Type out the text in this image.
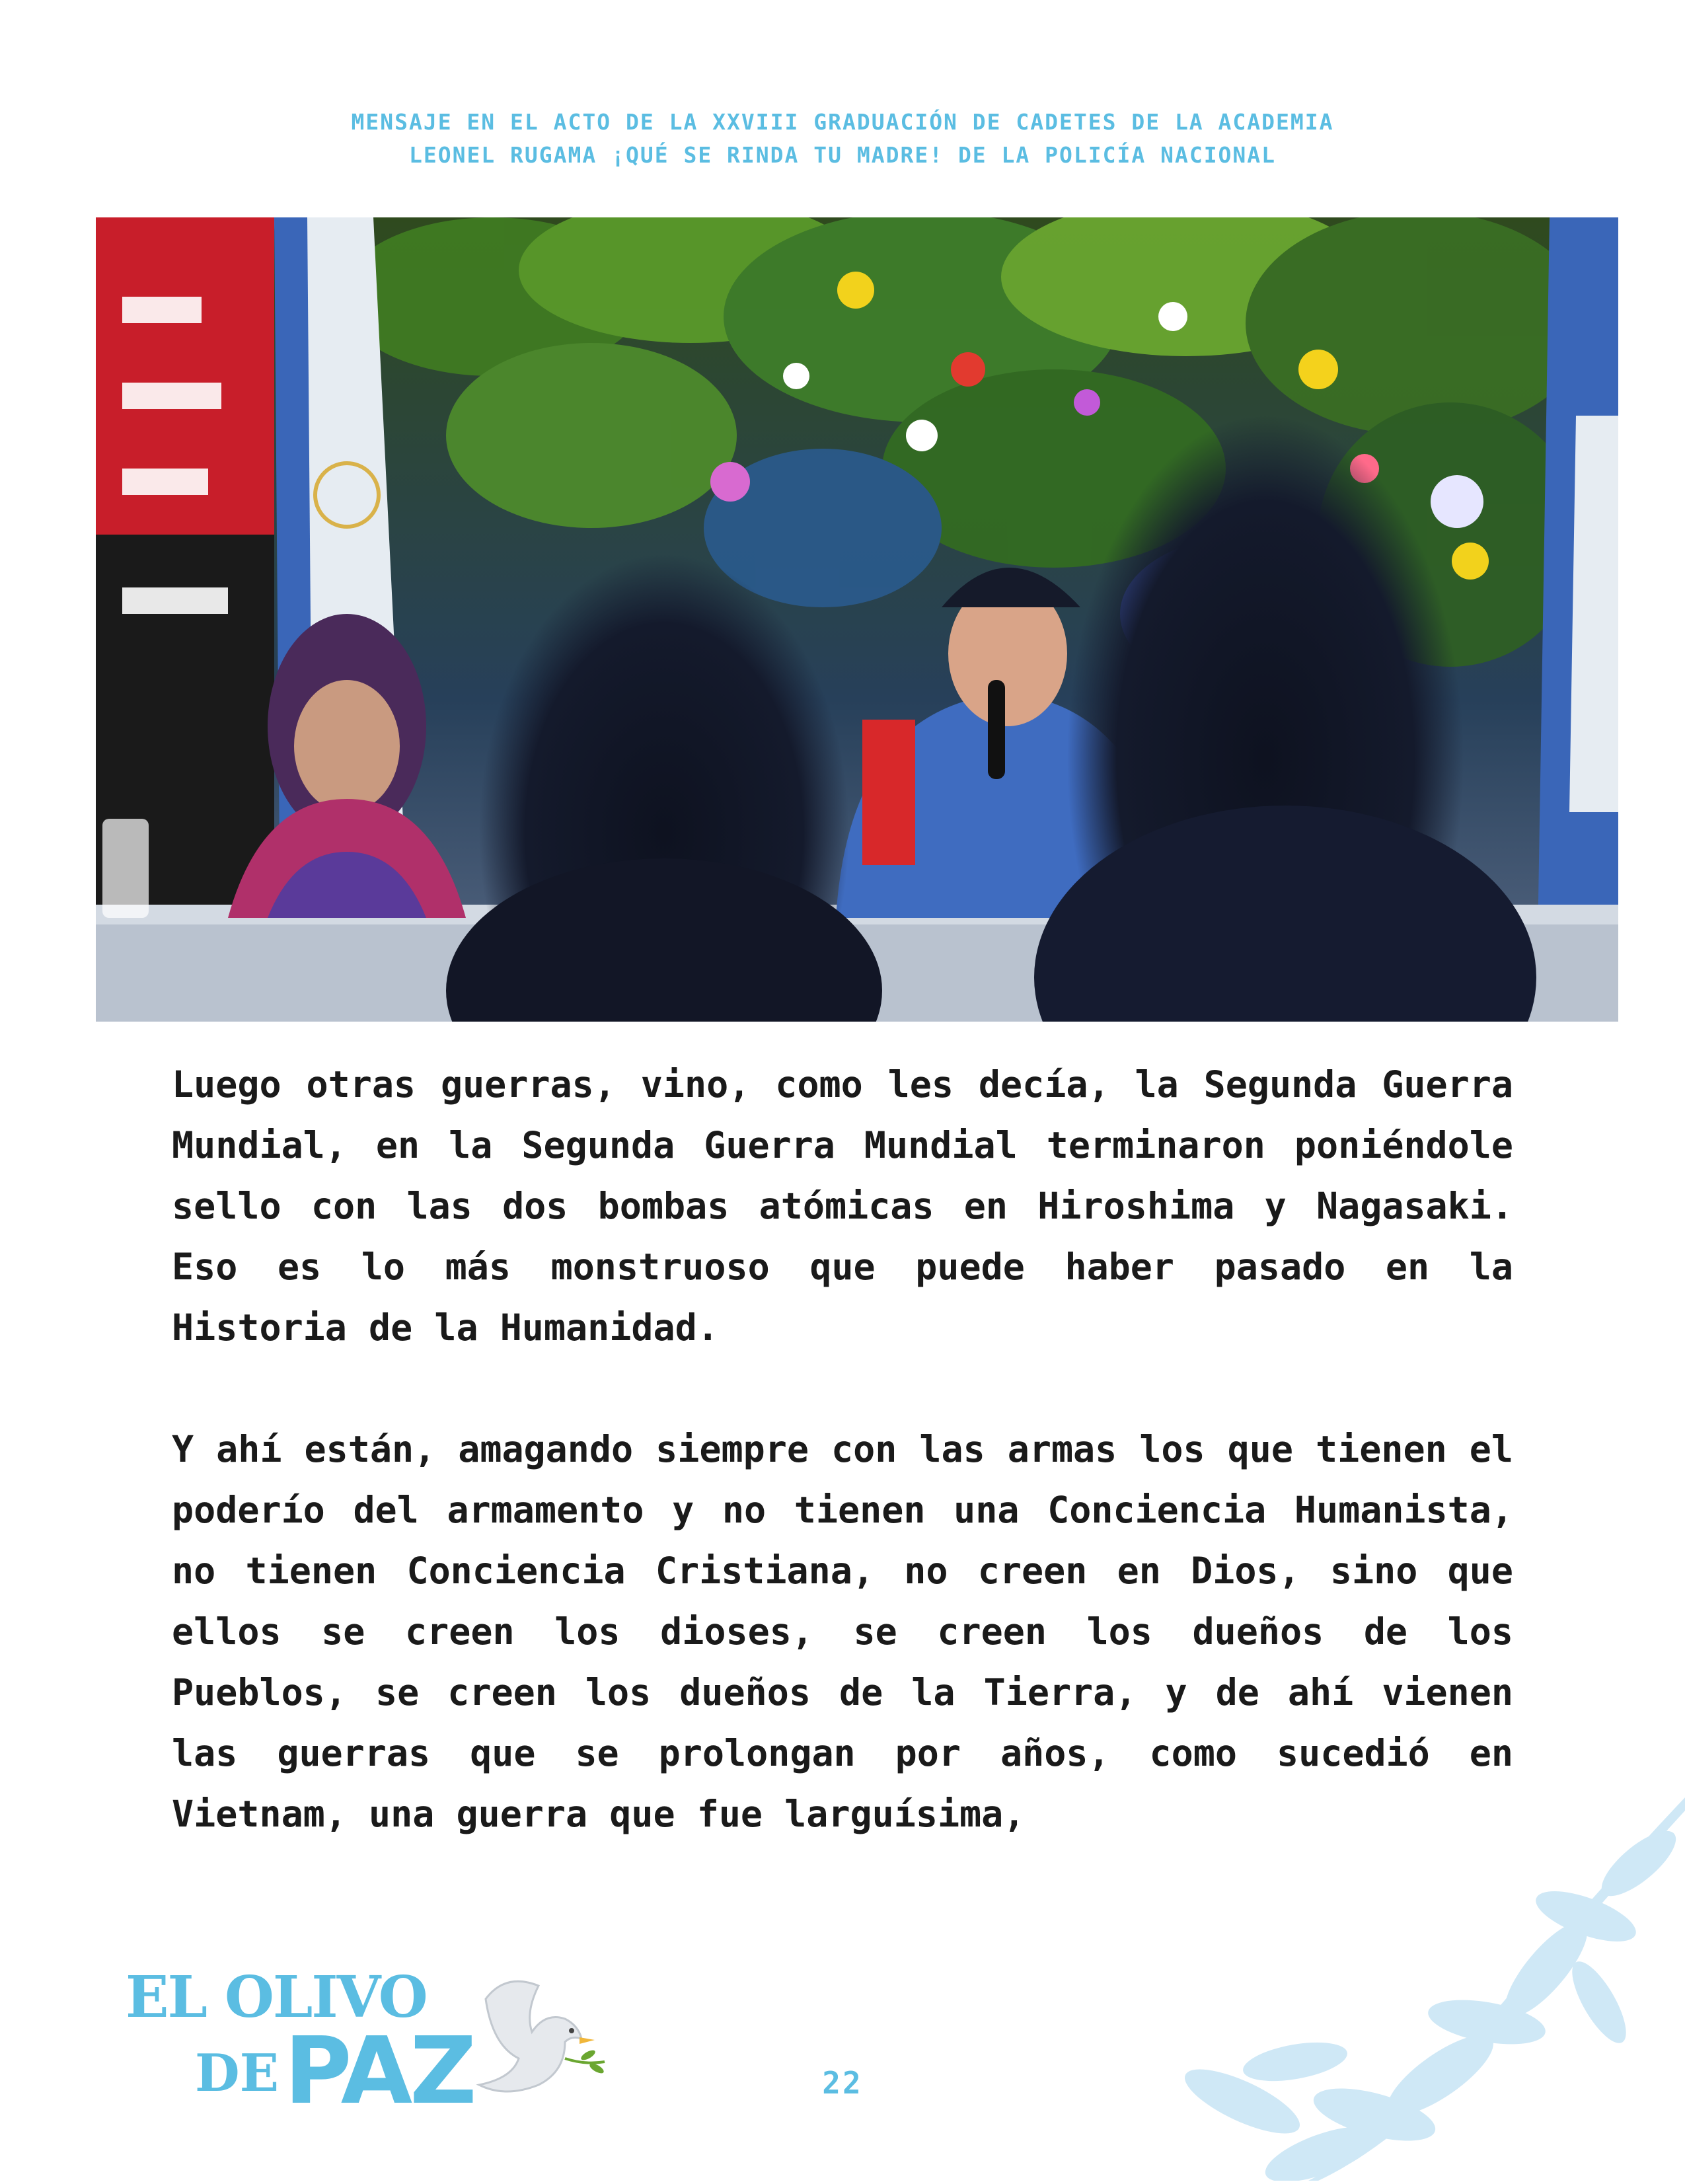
MENSAJE EN EL ACTO DE LA XXVIII GRADUACIÓN DE CADETES DE LA ACADEMIA
LEONEL RUGAMA ¡QUÉ SE RINDA TU MADRE! DE LA POLICÍA NACIONAL

Luego otras guerras, vino, como les decía, la Segunda Guerra Mundial, en la Segunda Guerra Mundial terminaron poniéndole sello con las dos bombas atómicas en Hiroshima y Nagasaki. Eso es lo más monstruoso que puede haber pasado en la Historia de la Humanidad.

Y ahí están, amagando siempre con las armas los que tienen el poderío del armamento y no tienen una Conciencia Humanista, no tienen Conciencia Cristiana, no creen en Dios, sino que ellos se creen los dioses, se creen los dueños de los Pueblos, se creen los dueños de la Tierra, y de ahí vienen las guerras que se prolongan por años, como sucedió en Vietnam, una guerra que fue larguísima,

EL OLIVO
DE PAZ	22
